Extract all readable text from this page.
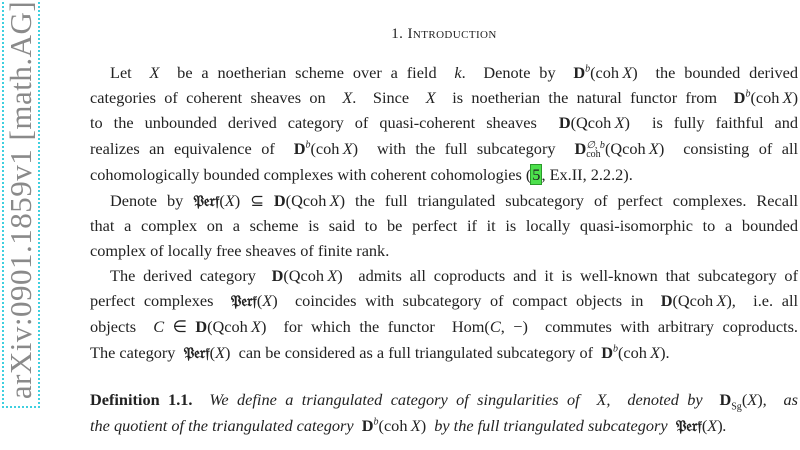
arXiv:0901.1859v1 [math.AG]	1. Introduction
Let  X  be a noetherian scheme over a field  k.  Denote by  $D^b(coh$ X)  the bounded derived
categories of coherent sheaves on  X.  Since  X  is noetherian the natural functor from  $D^b(coh$ X)
to the unbounded derived category of quasi-coherent sheaves  D(Qcoh X)  is fully faithful and
realizes an equivalence of  $D^b(coh$ X)  with the full subcategory  D ∅, b
coh (Qcoh X)  consisting of all
cohomologically bounded complexes with coherent cohomologies (5, Ex.II, 2.2.2).
Denote by 𝔓𝔢𝔯𝔣(X) ⊆ D(Qcoh X) the full triangulated subcategory of perfect complexes. Recall
that a complex on a scheme is said to be perfect if it is locally quasi-isomorphic to a bounded
complex of locally free sheaves of finite rank.
The derived category  D(Qcoh X)  admits all coproducts and it is well-known that subcategory of
perfect complexes  𝔓𝔢𝔯𝔣(X)  coincides with subcategory of compact objects in  D(Qcoh X),  i.e. all
objects  C ∈ D(Qcoh X)  for which the functor  Hom(C, −)  commutes with arbitrary coproducts.
The category  𝔓𝔢𝔯𝔣(X)  can be considered as a full triangulated subcategory of  $D^b(coh$ X).
Definition 1.1.  We define a triangulated category of singularities of  X,  denoted by  $D_{Sg}(X)$,  as
the quotient of the triangulated category  $D^b(coh$ X)  by the full triangulated subcategory  𝔓𝔢𝔯𝔣(X).
